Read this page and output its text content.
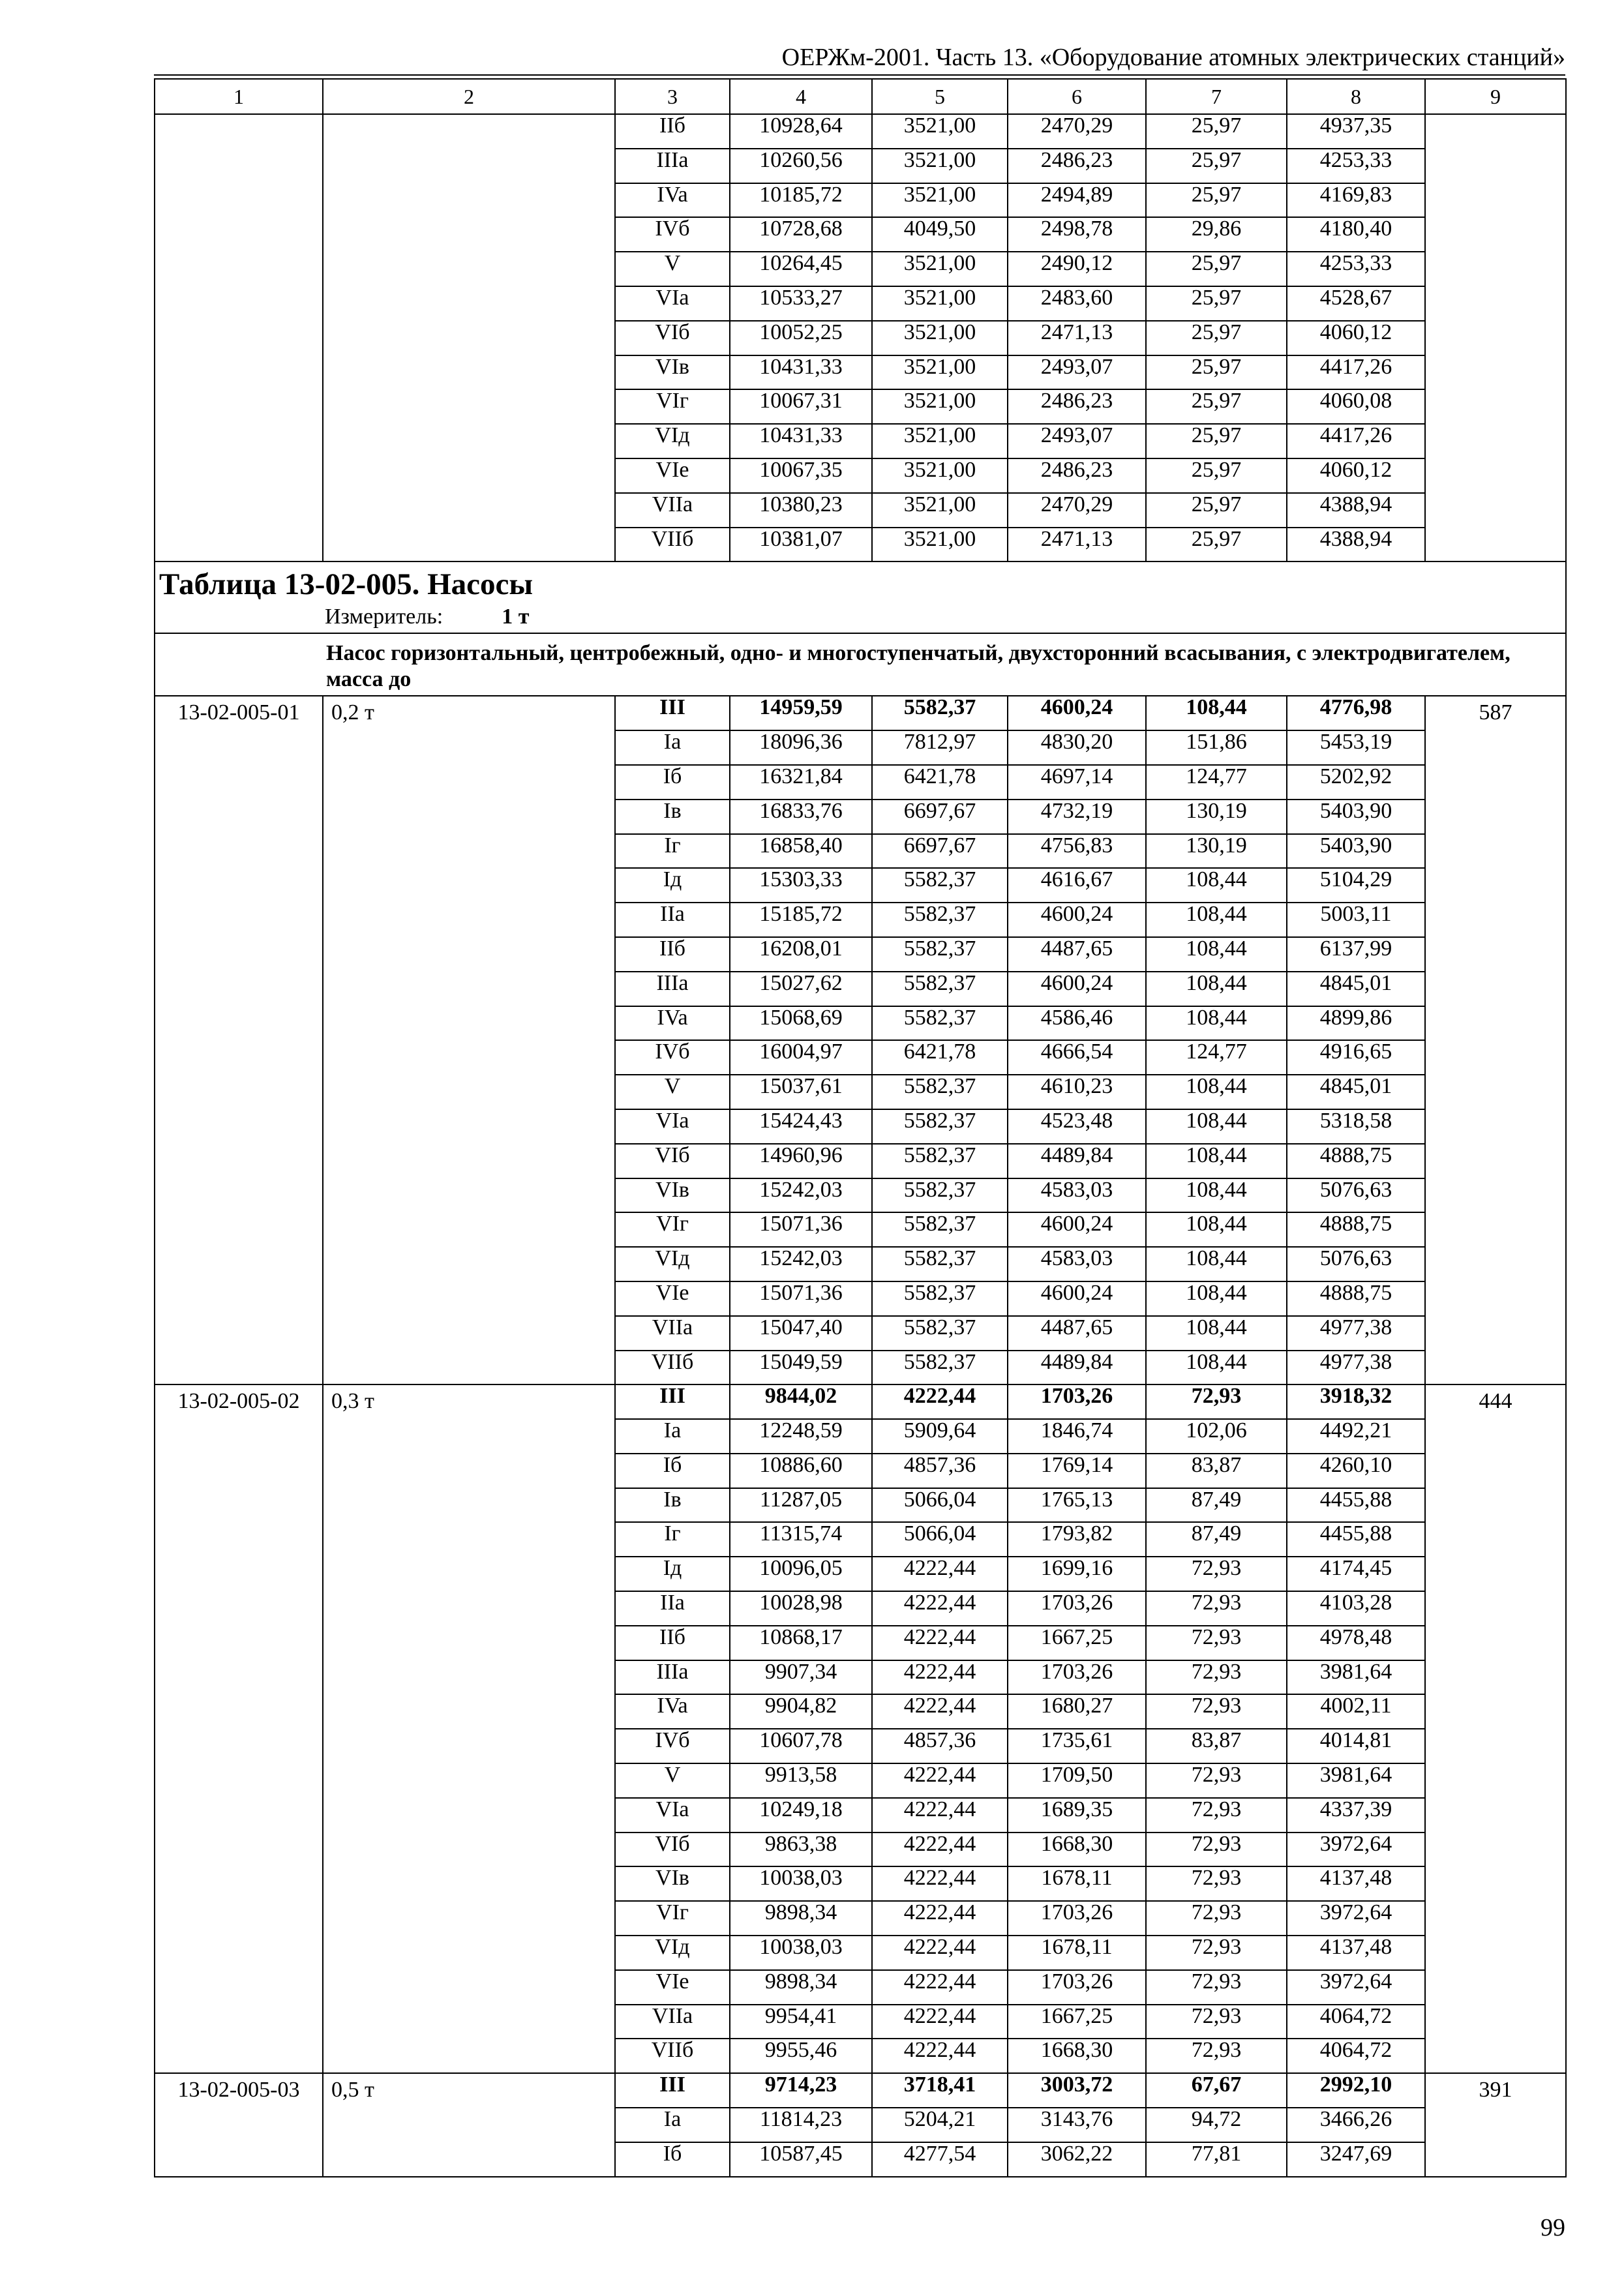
ОЕРЖм-2001. Часть 13. «Оборудование атомных электрических станций»
1	2	3	4	5	6	7	8	9
		IIб	10928,64	3521,00	2470,29	25,97	4937,35	
		IIIa	10260,56	3521,00	2486,23	25,97	4253,33	
		IVa	10185,72	3521,00	2494,89	25,97	4169,83	
		IVб	10728,68	4049,50	2498,78	29,86	4180,40	
		V	10264,45	3521,00	2490,12	25,97	4253,33	
		VIa	10533,27	3521,00	2483,60	25,97	4528,67	
		VIб	10052,25	3521,00	2471,13	25,97	4060,12	
		VIв	10431,33	3521,00	2493,07	25,97	4417,26	
		VIг	10067,31	3521,00	2486,23	25,97	4060,08	
		VIд	10431,33	3521,00	2493,07	25,97	4417,26	
		VIe	10067,35	3521,00	2486,23	25,97	4060,12	
		VIIa	10380,23	3521,00	2470,29	25,97	4388,94	
		VIIб	10381,07	3521,00	2471,13	25,97	4388,94	

Таблица 13-02-005. Насосы
Измеритель: 1 т								

Насос горизонтальный, центробежный, одно- и многоступенчатый, двухсторонний всасывания, с электродвигателем, масса до								
13-02-005-01	0,2 т	III	14959,59	5582,37	4600,24	108,44	4776,98	587
		Ia	18096,36	7812,97	4830,20	151,86	5453,19	
		Iб	16321,84	6421,78	4697,14	124,77	5202,92	
		Iв	16833,76	6697,67	4732,19	130,19	5403,90	
		Iг	16858,40	6697,67	4756,83	130,19	5403,90	
		Iд	15303,33	5582,37	4616,67	108,44	5104,29	
		IIa	15185,72	5582,37	4600,24	108,44	5003,11	
		IIб	16208,01	5582,37	4487,65	108,44	6137,99	
		IIIa	15027,62	5582,37	4600,24	108,44	4845,01	
		IVa	15068,69	5582,37	4586,46	108,44	4899,86	
		IVб	16004,97	6421,78	4666,54	124,77	4916,65	
		V	15037,61	5582,37	4610,23	108,44	4845,01	
		VIa	15424,43	5582,37	4523,48	108,44	5318,58	
		VIб	14960,96	5582,37	4489,84	108,44	4888,75	
		VIв	15242,03	5582,37	4583,03	108,44	5076,63	
		VIг	15071,36	5582,37	4600,24	108,44	4888,75	
		VIд	15242,03	5582,37	4583,03	108,44	5076,63	
		VIe	15071,36	5582,37	4600,24	108,44	4888,75	
		VIIa	15047,40	5582,37	4487,65	108,44	4977,38	
		VIIб	15049,59	5582,37	4489,84	108,44	4977,38	
13-02-005-02	0,3 т	III	9844,02	4222,44	1703,26	72,93	3918,32	444
		Ia	12248,59	5909,64	1846,74	102,06	4492,21	
		Iб	10886,60	4857,36	1769,14	83,87	4260,10	
		Iв	11287,05	5066,04	1765,13	87,49	4455,88	
		Iг	11315,74	5066,04	1793,82	87,49	4455,88	
		Iд	10096,05	4222,44	1699,16	72,93	4174,45	
		IIa	10028,98	4222,44	1703,26	72,93	4103,28	
		IIб	10868,17	4222,44	1667,25	72,93	4978,48	
		IIIa	9907,34	4222,44	1703,26	72,93	3981,64	
		IVa	9904,82	4222,44	1680,27	72,93	4002,11	
		IVб	10607,78	4857,36	1735,61	83,87	4014,81	
		V	9913,58	4222,44	1709,50	72,93	3981,64	
		VIa	10249,18	4222,44	1689,35	72,93	4337,39	
		VIб	9863,38	4222,44	1668,30	72,93	3972,64	
		VIв	10038,03	4222,44	1678,11	72,93	4137,48	
		VIг	9898,34	4222,44	1703,26	72,93	3972,64	
		VIд	10038,03	4222,44	1678,11	72,93	4137,48	
		VIe	9898,34	4222,44	1703,26	72,93	3972,64	
		VIIa	9954,41	4222,44	1667,25	72,93	4064,72	
		VIIб	9955,46	4222,44	1668,30	72,93	4064,72	
13-02-005-03	0,5 т	III	9714,23	3718,41	3003,72	67,67	2992,10	391
		Ia	11814,23	5204,21	3143,76	94,72	3466,26	
		Iб	10587,45	4277,54	3062,22	77,81	3247,69	
99
